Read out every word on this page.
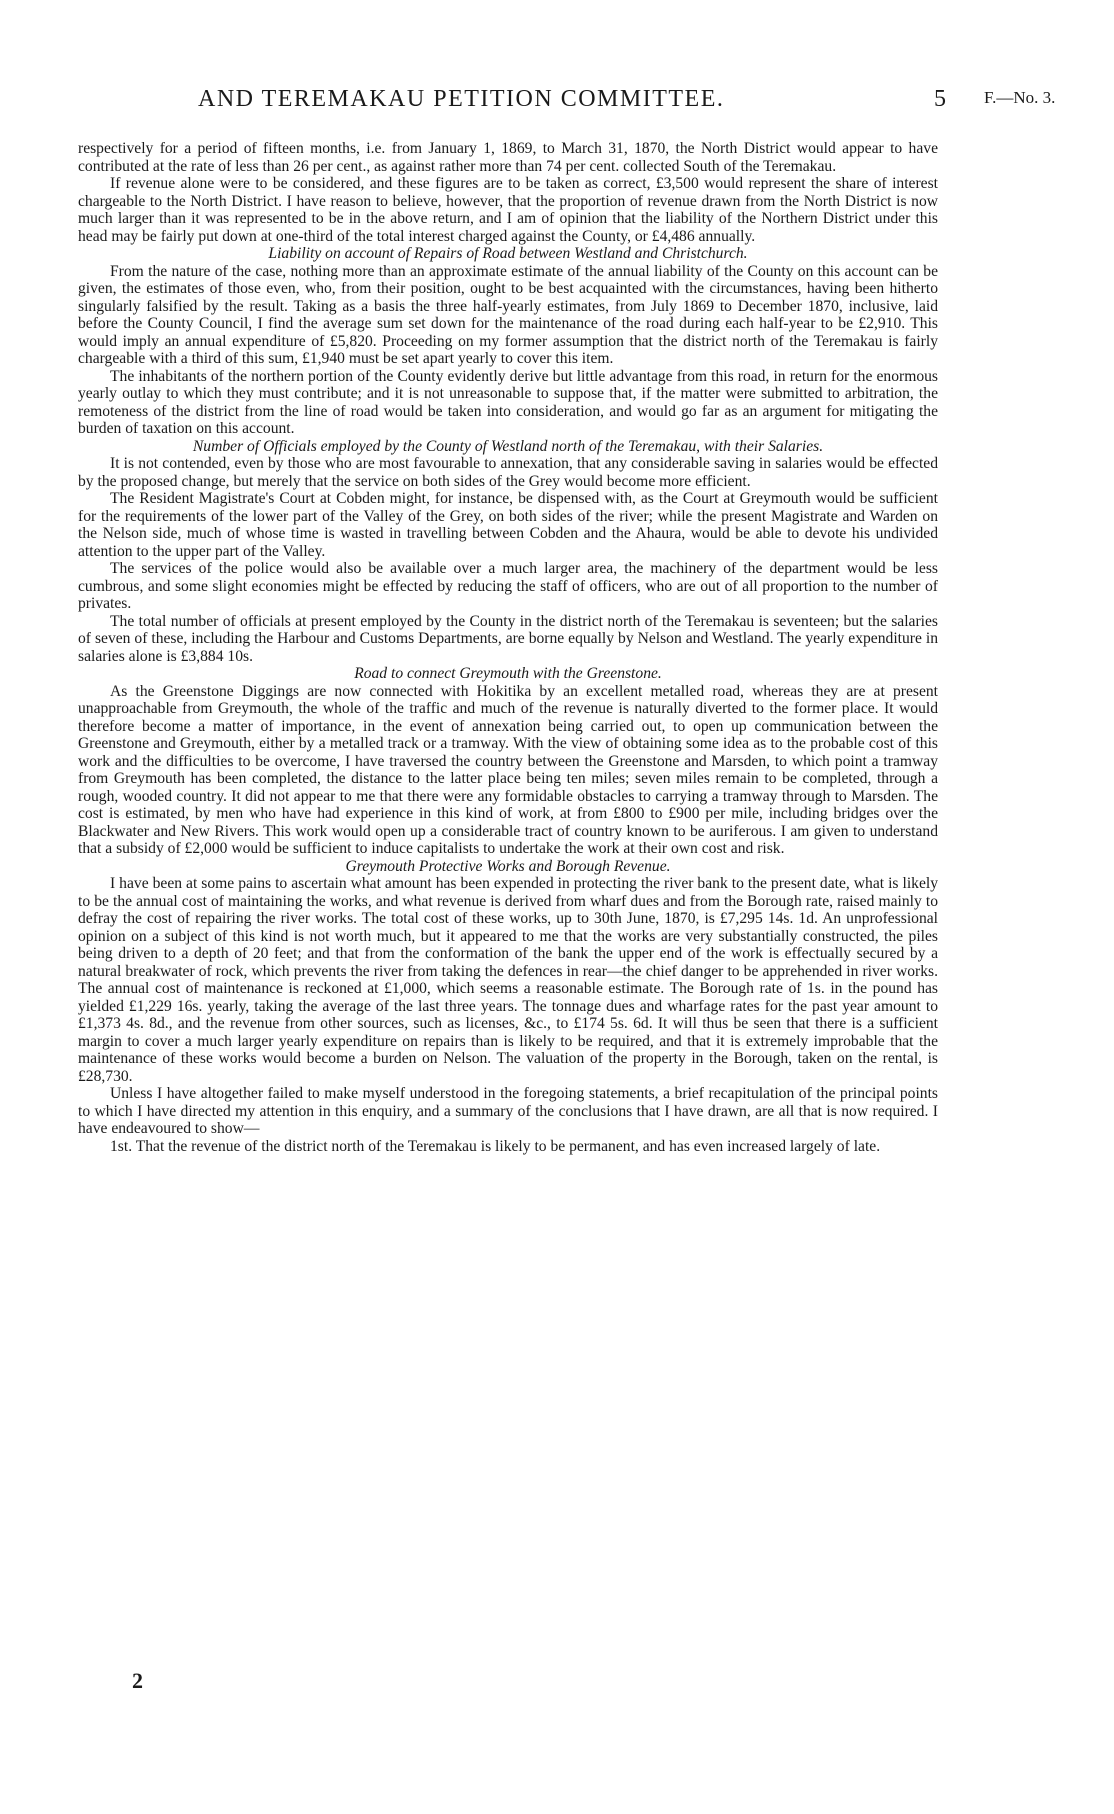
AND TEREMAKAU PETITION COMMITTEE.	5 F.—No. 3.

respectively for a period of fifteen months, i.e. from January 1, 1869, to March 31, 1870, the North District would appear to have contributed at the rate of less than 26 per cent., as against rather more than 74 per cent. collected South of the Teremakau.

If revenue alone were to be considered, and these figures are to be taken as correct, £3,500 would represent the share of interest chargeable to the North District. I have reason to believe, however, that the proportion of revenue drawn from the North District is now much larger than it was represented to be in the above return, and I am of opinion that the liability of the Northern District under this head may be fairly put down at one-third of the total interest charged against the County, or £4,486 annually.

Liability on account of Repairs of Road between Westland and Christchurch.

From the nature of the case, nothing more than an approximate estimate of the annual liability of the County on this account can be given, the estimates of those even, who, from their position, ought to be best acquainted with the circumstances, having been hitherto singularly falsified by the result. Taking as a basis the three half-yearly estimates, from July 1869 to December 1870, inclusive, laid before the County Council, I find the average sum set down for the maintenance of the road during each half-year to be £2,910. This would imply an annual expenditure of £5,820. Proceeding on my former assumption that the district north of the Teremakau is fairly chargeable with a third of this sum, £1,940 must be set apart yearly to cover this item.

The inhabitants of the northern portion of the County evidently derive but little advantage from this road, in return for the enormous yearly outlay to which they must contribute; and it is not unreasonable to suppose that, if the matter were submitted to arbitration, the remoteness of the district from the line of road would be taken into consideration, and would go far as an argument for mitigating the burden of taxation on this account.

Number of Officials employed by the County of Westland north of the Teremakau, with their Salaries.

It is not contended, even by those who are most favourable to annexation, that any considerable saving in salaries would be effected by the proposed change, but merely that the service on both sides of the Grey would become more efficient.

The Resident Magistrate's Court at Cobden might, for instance, be dispensed with, as the Court at Greymouth would be sufficient for the requirements of the lower part of the Valley of the Grey, on both sides of the river; while the present Magistrate and Warden on the Nelson side, much of whose time is wasted in travelling between Cobden and the Ahaura, would be able to devote his undivided attention to the upper part of the Valley.

The services of the police would also be available over a much larger area, the machinery of the department would be less cumbrous, and some slight economies might be effected by reducing the staff of officers, who are out of all proportion to the number of privates.

The total number of officials at present employed by the County in the district north of the Teremakau is seventeen; but the salaries of seven of these, including the Harbour and Customs Departments, are borne equally by Nelson and Westland. The yearly expenditure in salaries alone is £3,884 10s.

Road to connect Greymouth with the Greenstone.

As the Greenstone Diggings are now connected with Hokitika by an excellent metalled road, whereas they are at present unapproachable from Greymouth, the whole of the traffic and much of the revenue is naturally diverted to the former place. It would therefore become a matter of importance, in the event of annexation being carried out, to open up communication between the Greenstone and Greymouth, either by a metalled track or a tramway. With the view of obtaining some idea as to the probable cost of this work and the difficulties to be overcome, I have traversed the country between the Greenstone and Marsden, to which point a tramway from Greymouth has been completed, the distance to the latter place being ten miles; seven miles remain to be completed, through a rough, wooded country. It did not appear to me that there were any formidable obstacles to carrying a tramway through to Marsden. The cost is estimated, by men who have had experience in this kind of work, at from £800 to £900 per mile, including bridges over the Blackwater and New Rivers. This work would open up a considerable tract of country known to be auriferous. I am given to understand that a subsidy of £2,000 would be sufficient to induce capitalists to undertake the work at their own cost and risk.

Greymouth Protective Works and Borough Revenue.

I have been at some pains to ascertain what amount has been expended in protecting the river bank to the present date, what is likely to be the annual cost of maintaining the works, and what revenue is derived from wharf dues and from the Borough rate, raised mainly to defray the cost of repairing the river works. The total cost of these works, up to 30th June, 1870, is £7,295 14s. 1d. An unprofessional opinion on a subject of this kind is not worth much, but it appeared to me that the works are very substantially constructed, the piles being driven to a depth of 20 feet; and that from the conformation of the bank the upper end of the work is effectually secured by a natural breakwater of rock, which prevents the river from taking the defences in rear—the chief danger to be apprehended in river works. The annual cost of maintenance is reckoned at £1,000, which seems a reasonable estimate. The Borough rate of 1s. in the pound has yielded £1,229 16s. yearly, taking the average of the last three years. The tonnage dues and wharfage rates for the past year amount to £1,373 4s. 8d., and the revenue from other sources, such as licenses, &c., to £174 5s. 6d. It will thus be seen that there is a sufficient margin to cover a much larger yearly expenditure on repairs than is likely to be required, and that it is extremely improbable that the maintenance of these works would become a burden on Nelson. The valuation of the property in the Borough, taken on the rental, is £28,730.

Unless I have altogether failed to make myself understood in the foregoing statements, a brief recapitulation of the principal points to which I have directed my attention in this enquiry, and a summary of the conclusions that I have drawn, are all that is now required. I have endeavoured to show—

1st. That the revenue of the district north of the Teremakau is likely to be permanent, and has even increased largely of late.

2
